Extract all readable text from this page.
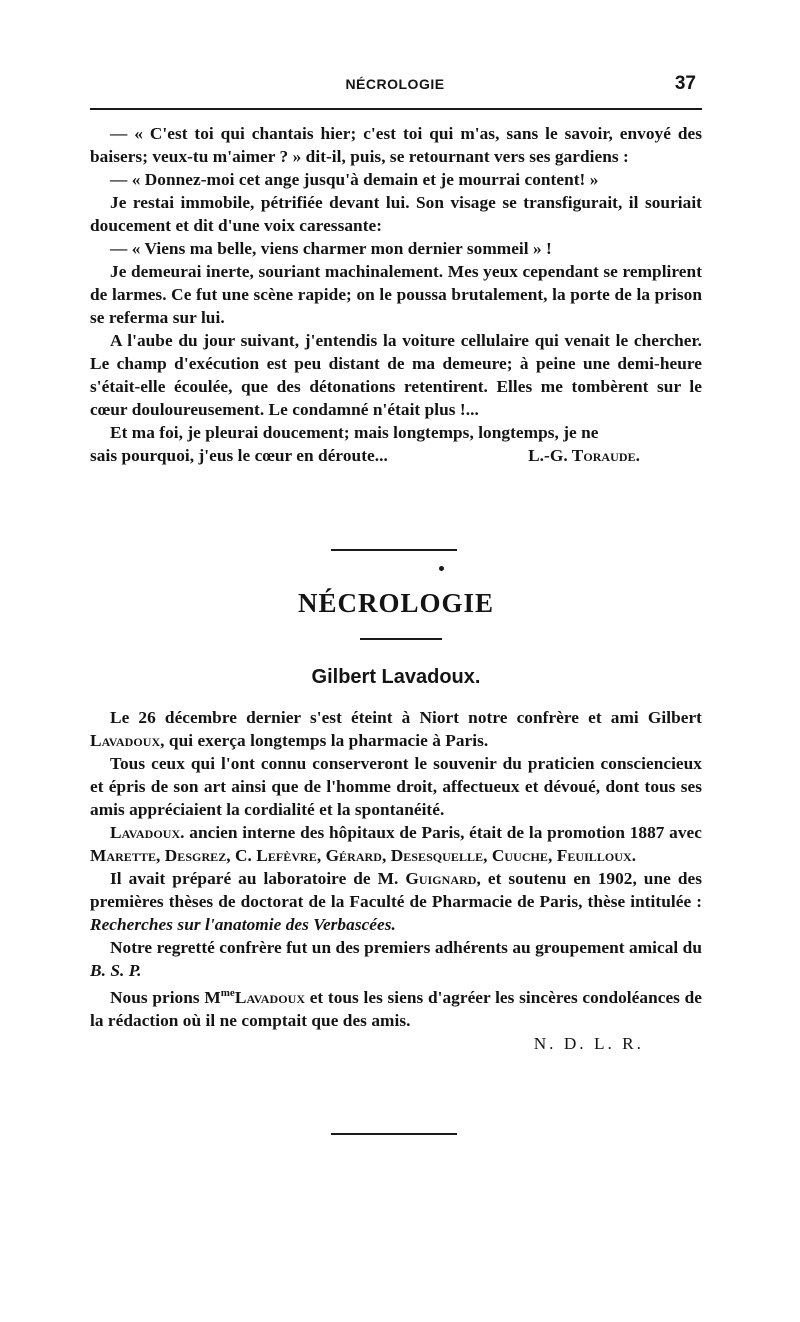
NÉCROLOGIE	37

— « C'est toi qui chantais hier; c'est toi qui m'as, sans le savoir, envoyé des baisers; veux-tu m'aimer ? » dit-il, puis, se retournant vers ses gardiens :

— « Donnez-moi cet ange jusqu'à demain et je mourrai content! »

Je restai immobile, pétrifiée devant lui. Son visage se transfigurait, il souriait doucement et dit d'une voix caressante:

— « Viens ma belle, viens charmer mon dernier sommeil » !

Je demeurai inerte, souriant machinalement. Mes yeux cependant se remplirent de larmes. Ce fut une scène rapide; on le poussa brutalement, la porte de la prison se referma sur lui.

A l'aube du jour suivant, j'entendis la voiture cellulaire qui venait le chercher. Le champ d'exécution est peu distant de ma demeure; à peine une demi-heure s'était-elle écoulée, que des détonations retentirent. Elles me tombèrent sur le cœur douloureusement. Le condamné n'était plus !...

Et ma foi, je pleurai doucement; mais longtemps, longtemps, je ne

sais pourquoi, j'eus le cœur en déroute...	L.-G. Toraude.
NÉCROLOGIE
Gilbert Lavadoux.

Le 26 décembre dernier s'est éteint à Niort notre confrère et ami Gilbert Lavadoux, qui exerça longtemps la pharmacie à Paris.

Tous ceux qui l'ont connu conserveront le souvenir du praticien consciencieux et épris de son art ainsi que de l'homme droit, affectueux et dévoué, dont tous ses amis appréciaient la cordialité et la spontanéité.

Lavadoux. ancien interne des hôpitaux de Paris, était de la promotion 1887 avec Marette, Desgrez, C. Lefèvre, Gérard, Desesquelle, Cuuche, Feuilloux.

Il avait préparé au laboratoire de M. Guignard, et soutenu en 1902, une des premières thèses de doctorat de la Faculté de Pharmacie de Paris, thèse intitulée : Recherches sur l'anatomie des Verbascées.

Notre regretté confrère fut un des premiers adhérents au groupement amical du B. S. P.

Nous prions $M^{me}Lavadoux$ et tous les siens d'agréer les sincères condoléances de la rédaction où il ne comptait que des amis.

N. D. L. R.
